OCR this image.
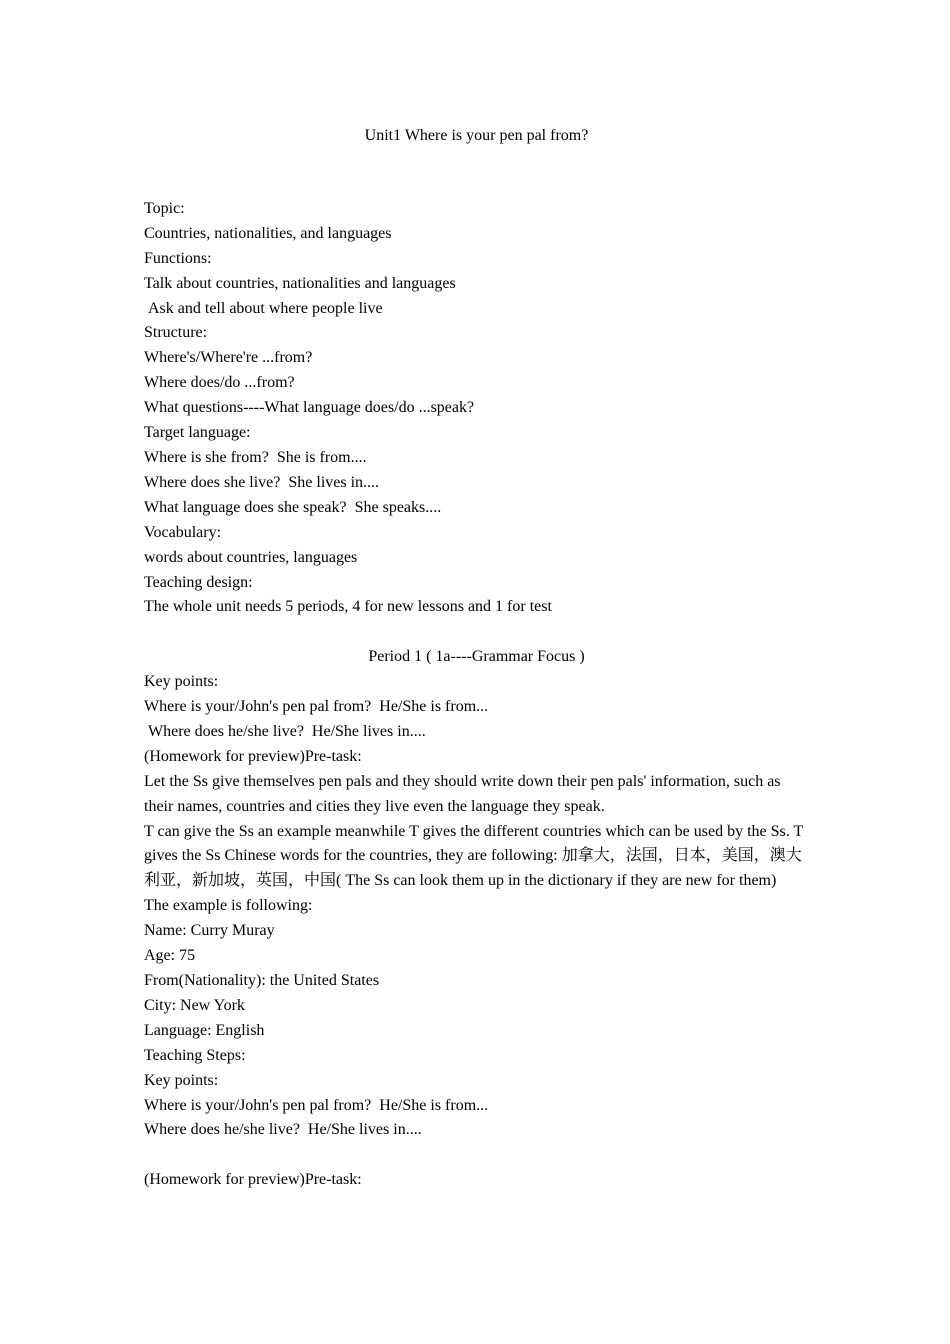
Unit1 Where is your pen pal from?

Topic:

Countries, nationalities, and languages

Functions:

Talk about countries, nationalities and languages

Ask and tell about where people live

Structure:

Where's/Where're ...from?

Where does/do ...from?

What questions----What language does/do ...speak?

Target language:

Where is she from?  She is from....

Where does she live?  She lives in....

What language does she speak?  She speaks....

Vocabulary:

words about countries, languages

Teaching design:

The whole unit needs 5 periods, 4 for new lessons and 1 for test

Period 1 ( 1a----Grammar Focus )

Key points:

Where is your/John's pen pal from?  He/She is from...

Where does he/she live?  He/She lives in....

(Homework for preview)Pre-task:

Let the Ss give themselves pen pals and they should write down their pen pals' information, such as their names, countries and cities they live even the language they speak.

T can give the Ss an example meanwhile T gives the different countries which can be used by the Ss. T gives the Ss Chinese words for the countries, they are following: 加拿大，法国，日本，美国，澳大利亚，新加坡，英国，中国( The Ss can look them up in the dictionary if they are new for them)

The example is following:

Name: Curry Muray

Age: 75

From(Nationality): the United States

City: New York

Language: English

Teaching Steps:

Key points:

Where is your/John's pen pal from?  He/She is from...

Where does he/she live?  He/She lives in....

(Homework for preview)Pre-task:
